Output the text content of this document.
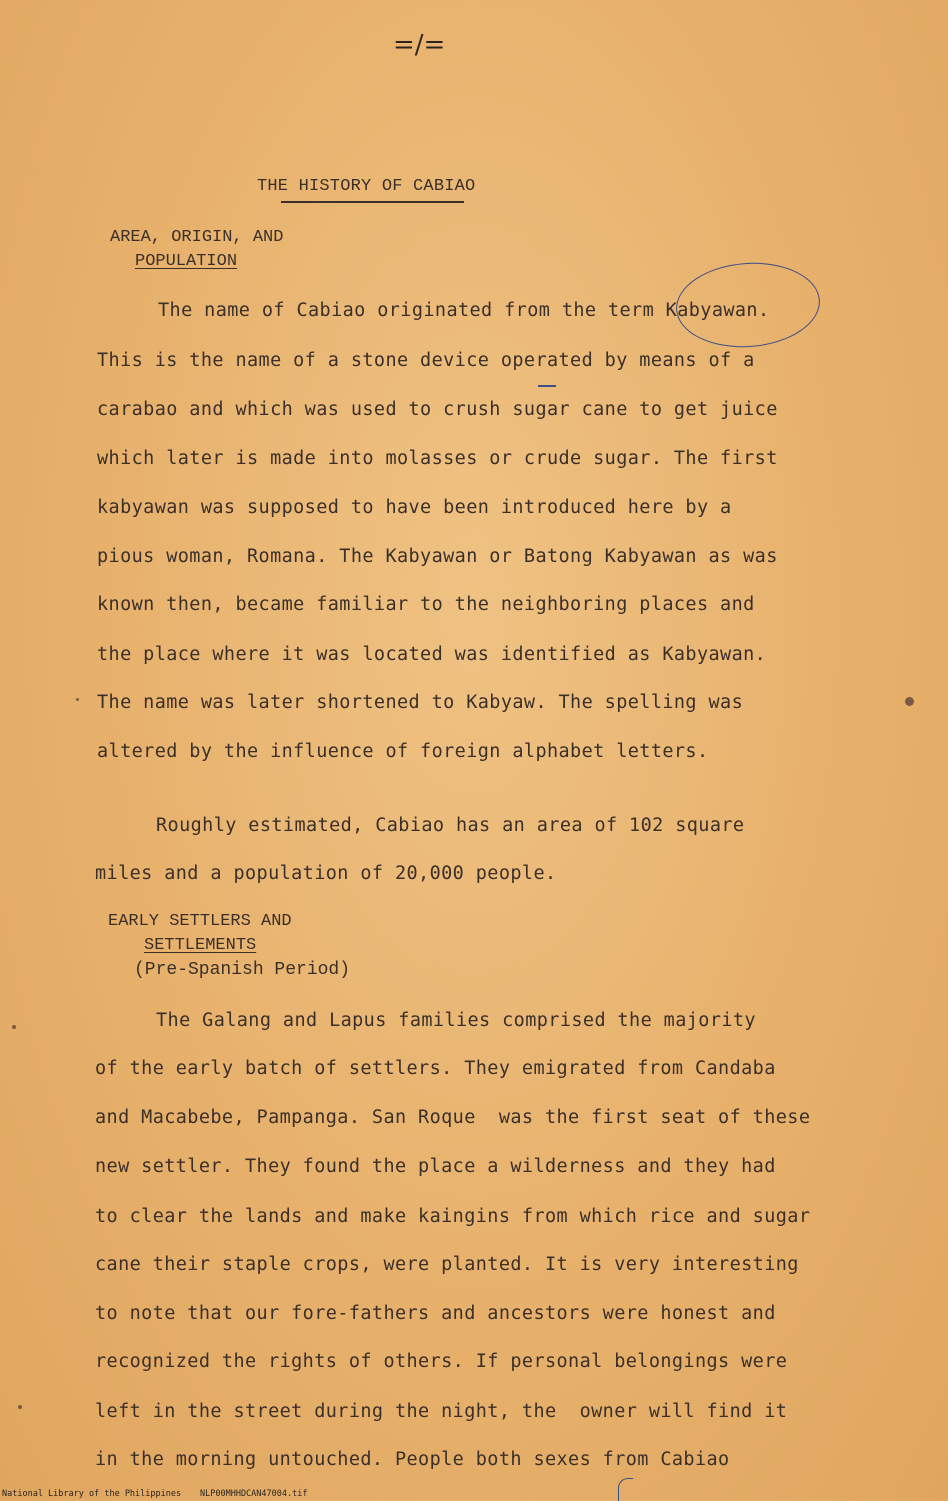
=/=
THE HISTORY OF CABIAO
AREA, ORIGIN, AND
POPULATION
The name of Cabiao originated from the term Kabyawan.
This is the name of a stone device operated by means of a
carabao and which was used to crush sugar cane to get juice
which later is made into molasses or crude sugar. The first
kabyawan was supposed to have been introduced here by a
pious woman, Romana. The Kabyawan or Batong Kabyawan as was
known then, became familiar to the neighboring places and
the place where it was located was identified as Kabyawan.
The name was later shortened to Kabyaw. The spelling was
altered by the influence of foreign alphabet letters.
Roughly estimated, Cabiao has an area of 102 square
miles and a population of 20,000 people.
EARLY SETTLERS AND
SETTLEMENTS
(Pre-Spanish Period)
The Galang and Lapus families comprised the majority
of the early batch of settlers. They emigrated from Candaba
and Macabebe, Pampanga. San Roque  was the first seat of these
new settler. They found the place a wilderness and they had
to clear the lands and make kaingins from which rice and sugar
cane their staple crops, were planted. It is very interesting
to note that our fore-fathers and ancestors were honest and
recognized the rights of others. If personal belongings were
left in the street during the night, the  owner will find it
in the morning untouched. People both sexes from Cabiao
National Library of the Philippines NLP00MHHDCAN47004.tif
